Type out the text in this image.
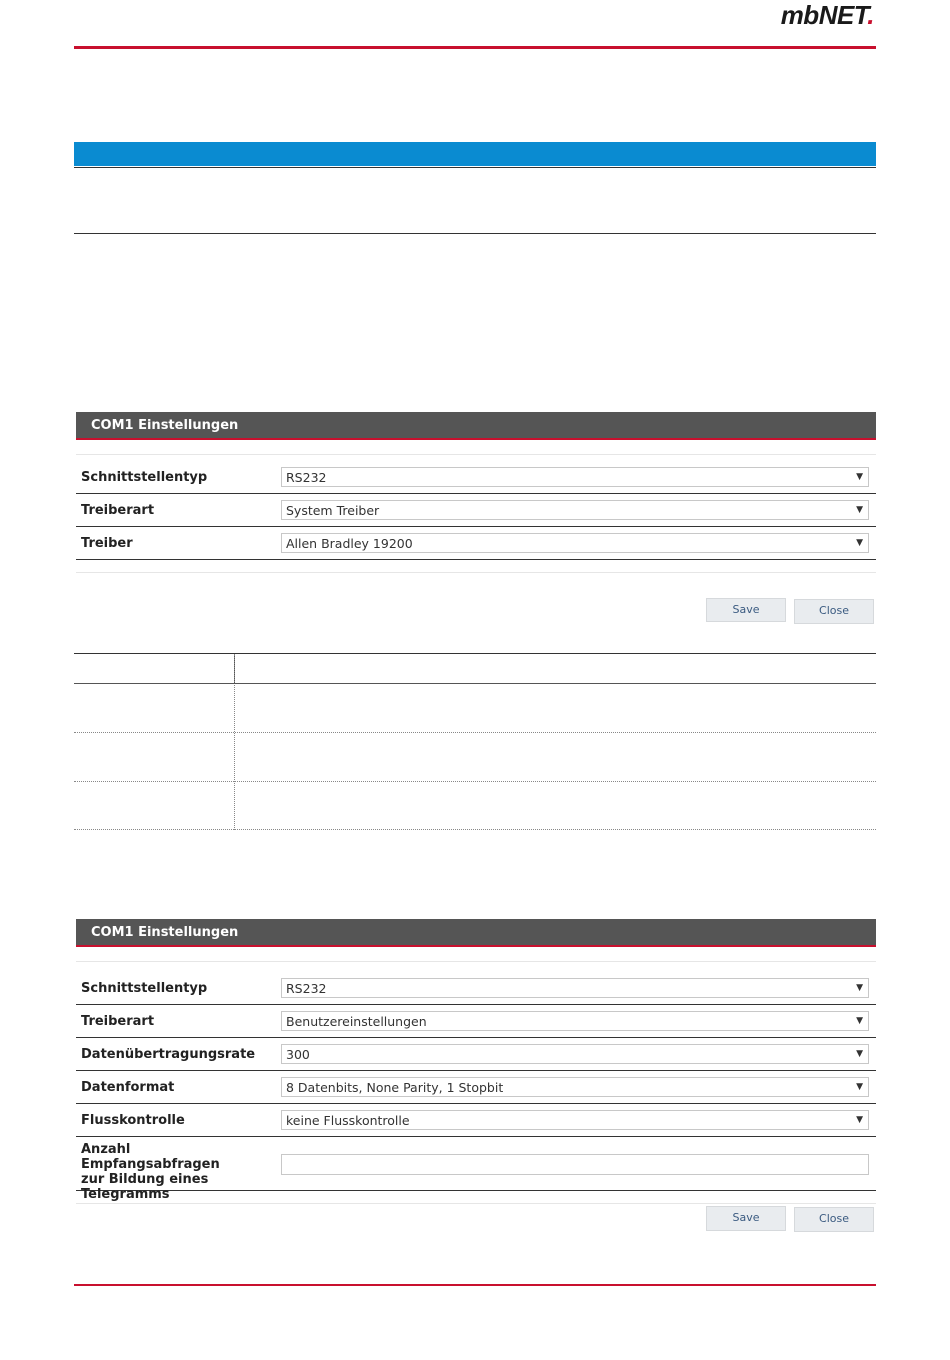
mbNET.
COM1 Einstellungen
Schnittstellentyp	RS232	▼
Treiberart	System Treiber	▼
Treiber	Allen Bradley 19200	▼
Save	Close
COM1 Einstellungen
Schnittstellentyp	RS232	▼
Treiberart	Benutzereinstellungen	▼
Datenübertragungsrate	300	▼
Datenformat	8 Datenbits, None Parity, 1 Stopbit	▼
Flusskontrolle	keine Flusskontrolle	▼
Anzahl Empfangsabfragen
zur Bildung eines
Telegramms
Save	Close
